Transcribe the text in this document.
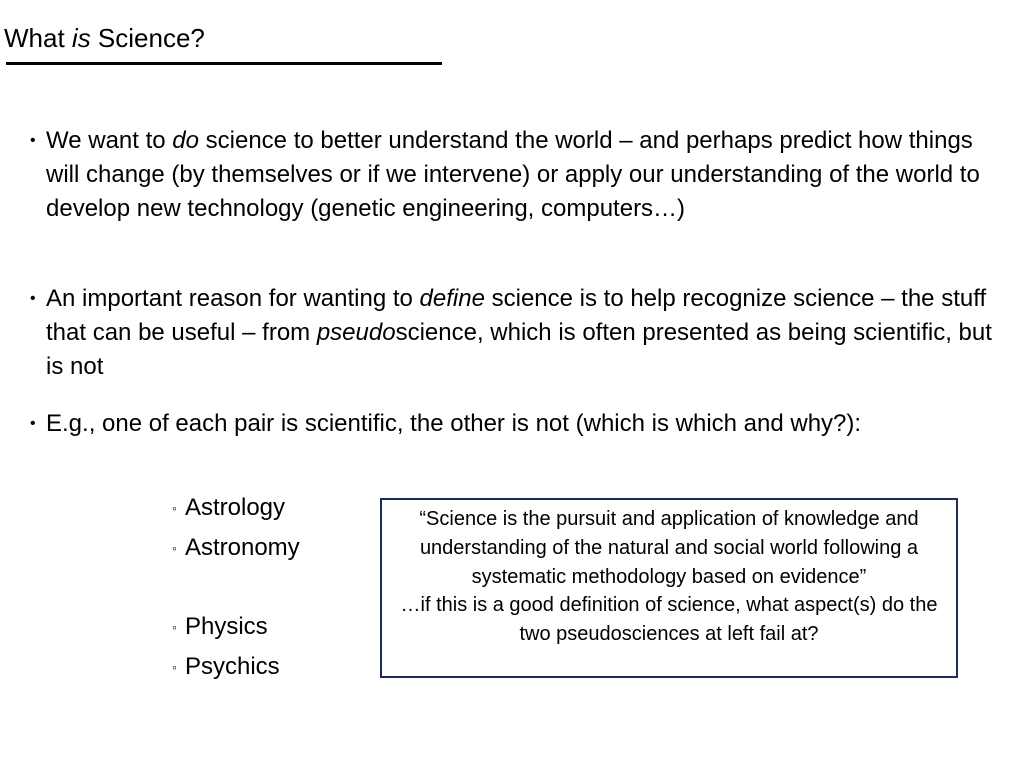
What is Science?
• We want to do science to better understand the world – and perhaps predict how things will change (by themselves or if we intervene) or apply our understanding of the world to develop new technology (genetic engineering, computers…)
• An important reason for wanting to define science is to help recognize science – the stuff that can be useful – from pseudoscience, which is often presented as being scientific, but is not
• E.g., one of each pair is scientific, the other is not (which is which and why?):
◦ Astrology
◦ Astronomy
◦ Physics
◦ Psychics

“Science is the pursuit and application of knowledge and understanding of the natural and social world following a systematic methodology based on evidence”

…if this is a good definition of science, what aspect(s) do the two pseudosciences at left fail at?
